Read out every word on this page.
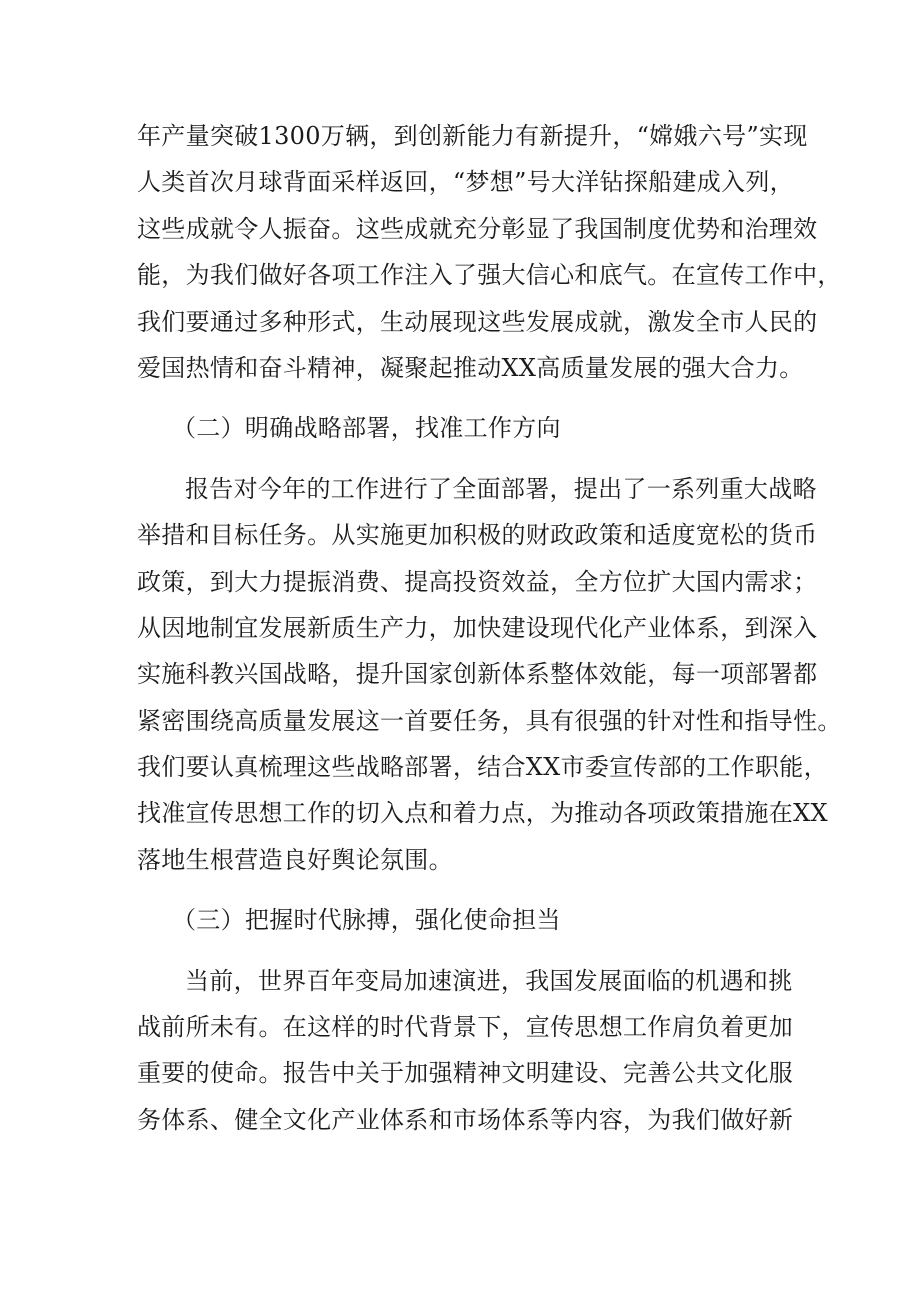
年产量突破1300万辆，到创新能力有新提升，“嫦娥六号”实现
人类首次月球背面采样返回，“梦想”号大洋钻探船建成入列，
这些成就令人振奋。这些成就充分彰显了我国制度优势和治理效
能，为我们做好各项工作注入了强大信心和底气。在宣传工作中，
我们要通过多种形式，生动展现这些发展成就，激发全市人民的
爱国热情和奋斗精神，凝聚起推动XX高质量发展的强大合力。
（二）明确战略部署，找准工作方向
报告对今年的工作进行了全面部署，提出了一系列重大战略
举措和目标任务。从实施更加积极的财政政策和适度宽松的货币
政策，到大力提振消费、提高投资效益，全方位扩大国内需求；
从因地制宜发展新质生产力，加快建设现代化产业体系，到深入
实施科教兴国战略，提升国家创新体系整体效能，每一项部署都
紧密围绕高质量发展这一首要任务，具有很强的针对性和指导性。
我们要认真梳理这些战略部署，结合XX市委宣传部的工作职能，
找准宣传思想工作的切入点和着力点，为推动各项政策措施在XX
落地生根营造良好舆论氛围。
（三）把握时代脉搏，强化使命担当
当前，世界百年变局加速演进，我国发展面临的机遇和挑
战前所未有。在这样的时代背景下，宣传思想工作肩负着更加
重要的使命。报告中关于加强精神文明建设、完善公共文化服
务体系、健全文化产业体系和市场体系等内容，为我们做好新
